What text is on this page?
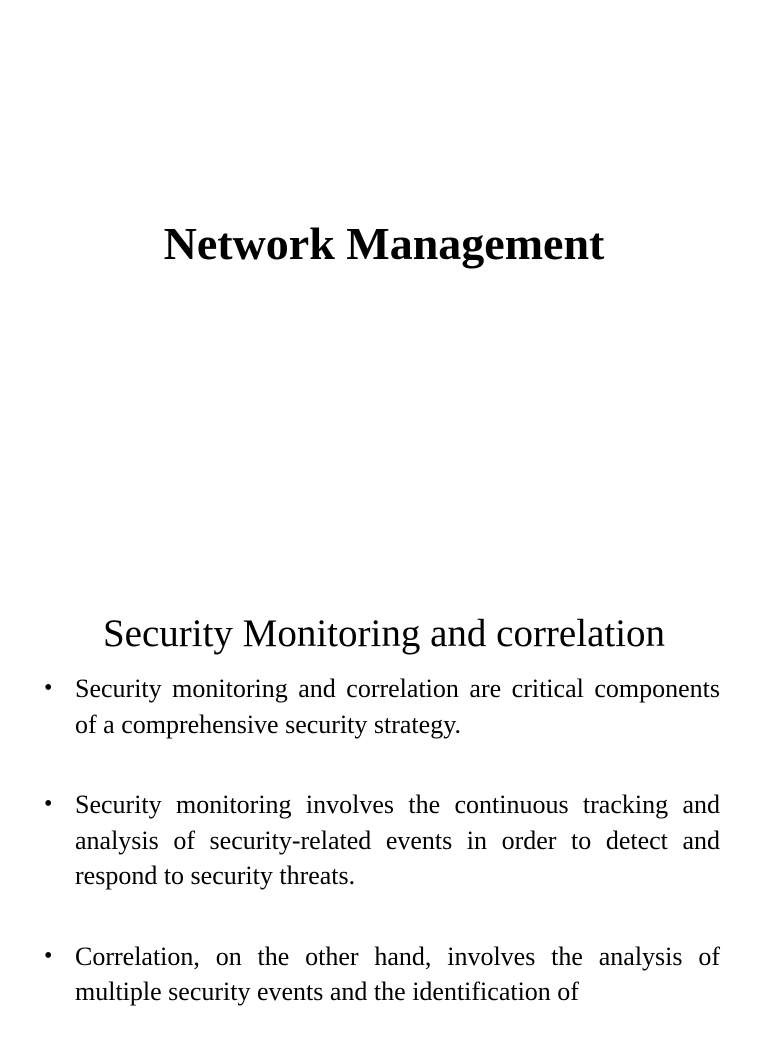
Network Management
Security Monitoring and correlation
• Security monitoring and correlation are critical components of a comprehensive security strategy.
• Security monitoring involves the continuous tracking and analysis of security-related events in order to detect and respond to security threats.
• Correlation, on the other hand, involves the analysis of multiple security events and the identification of
